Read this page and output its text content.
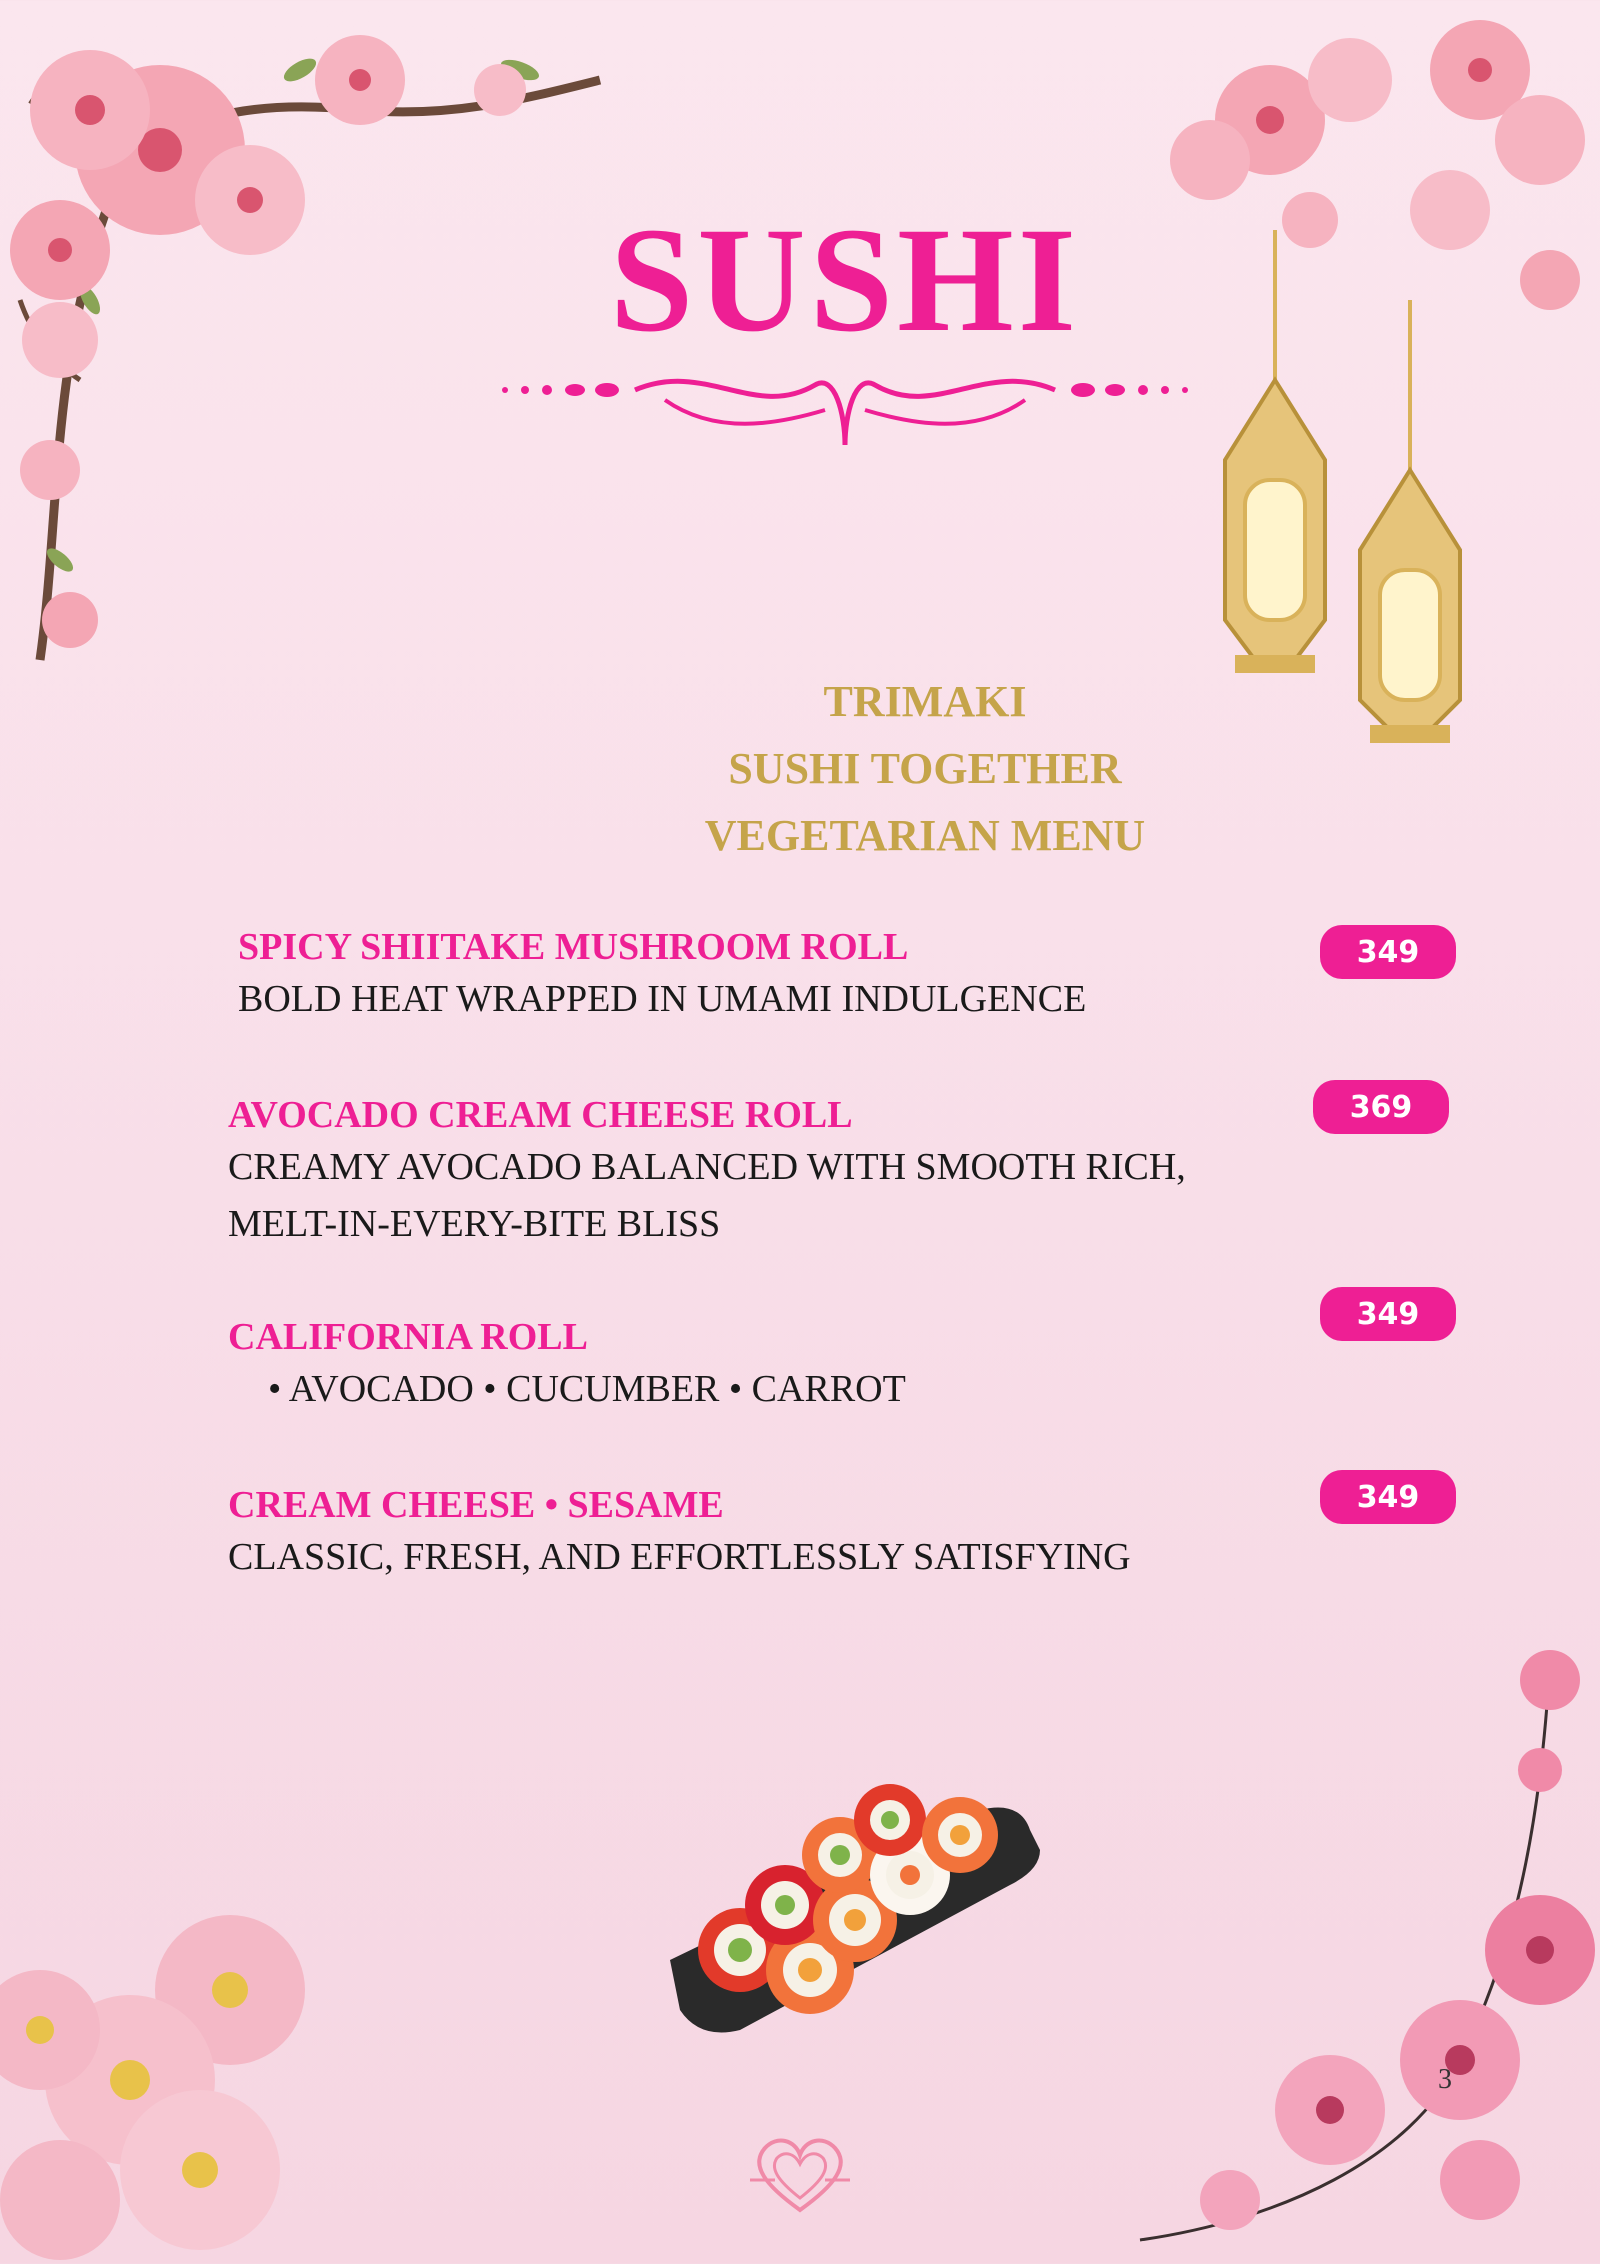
SUSHI
TRIMAKI
SUSHI TOGETHER
VEGETARIAN MENU
SPICY SHIITAKE MUSHROOM ROLL
BOLD HEAT WRAPPED IN UMAMI INDULGENCE
349
AVOCADO CREAM CHEESE ROLL
CREAMY AVOCADO BALANCED WITH SMOOTH RICH,
MELT-IN-EVERY-BITE BLISS
369
CALIFORNIA ROLL
• AVOCADO • CUCUMBER • CARROT
349
CREAM CHEESE • SESAME
CLASSIC, FRESH, AND EFFORTLESSLY SATISFYING
349
3
